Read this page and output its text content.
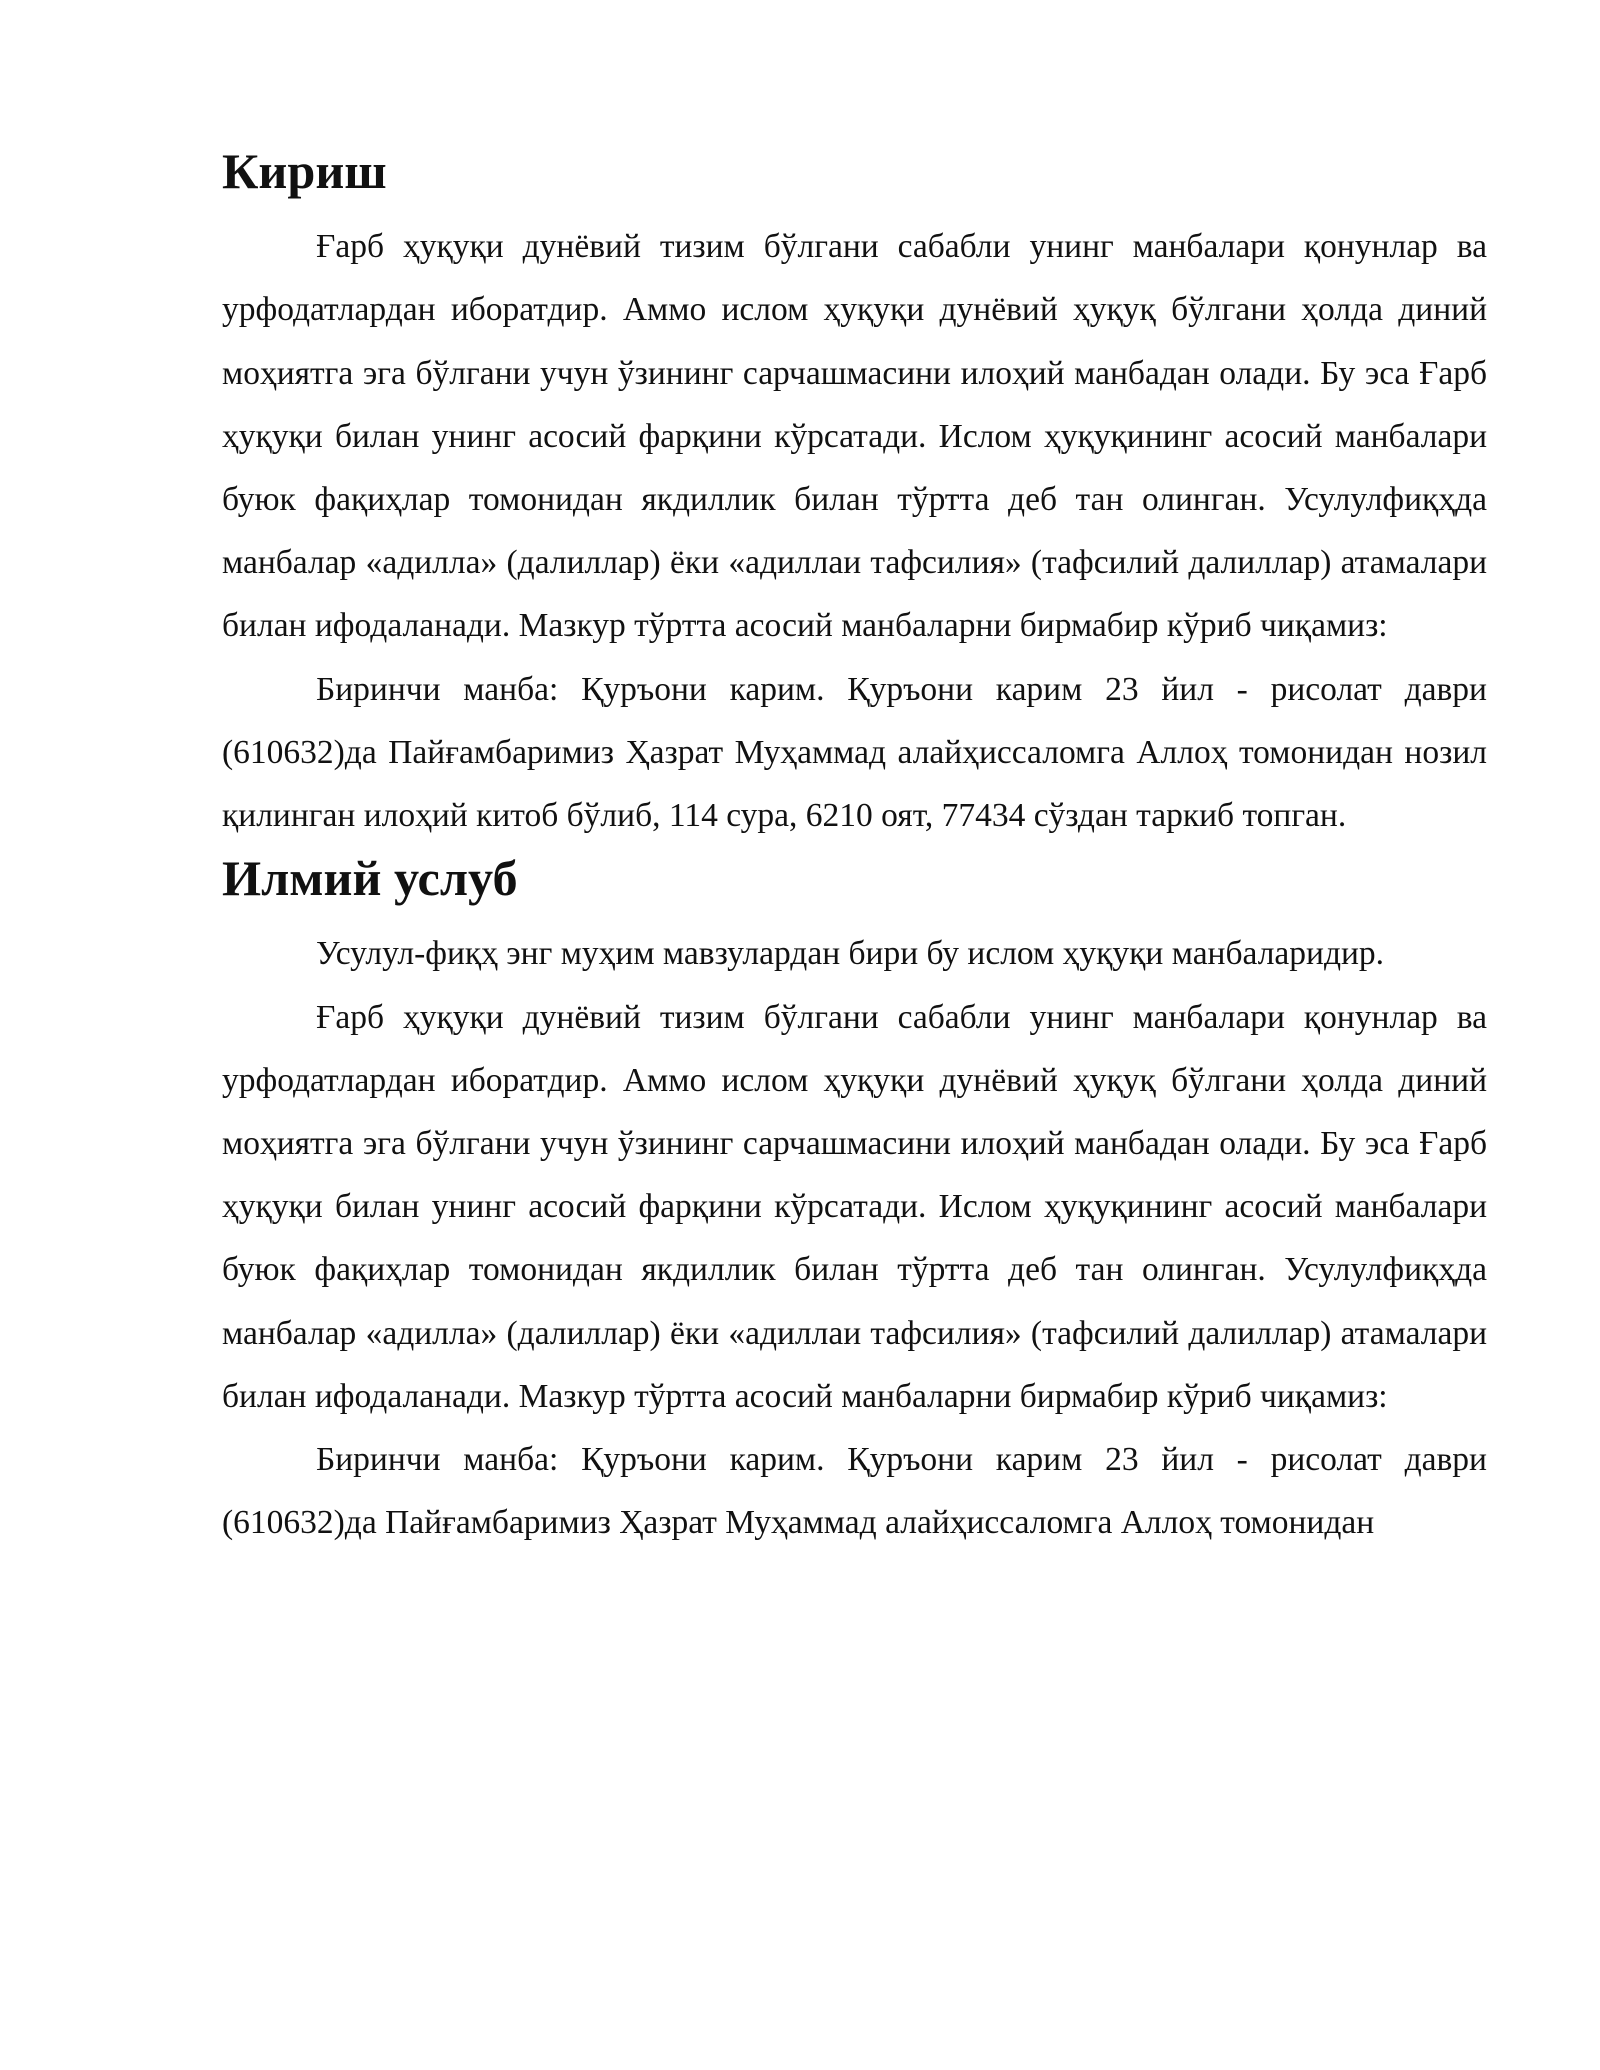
Кириш

Ғарб ҳуқуқи дунёвий тизим бўлгани сабабли унинг манбалари қонунлар ва урфодатлардан иборатдир. Аммо ислом ҳуқуқи дунёвий ҳуқуқ бўлгани ҳолда диний моҳиятга эга бўлгани учун ўзининг сарчашмасини илоҳий манбадан олади. Бу эса Ғарб ҳуқуқи билан унинг асосий фарқини кўрсатади. Ислом ҳуқуқининг асосий манбалари буюк фақиҳлар томонидан якдиллик билан тўртта деб тан олинган. Усулулфиқҳда манбалар «адилла» (далиллар) ёки «адиллаи тафсилия» (тафсилий далиллар) атамалари билан ифодаланади. Мазкур тўртта асосий манбаларни бирмабир кўриб чиқамиз:

Биринчи манба: Қуръони карим. Қуръони карим 23 йил - рисолат даври (610632)да Пайғамбаримиз Ҳазрат Муҳаммад алайҳиссаломга Аллоҳ томонидан нозил қилинган илоҳий китоб бўлиб, 114 сура, 6210 оят, 77434 сўздан таркиб топган.

Илмий услуб

Усулул-фиқҳ энг муҳим мавзулардан бири бу ислом ҳуқуқи манбаларидир.

Ғарб ҳуқуқи дунёвий тизим бўлгани сабабли унинг манбалари қонунлар ва урфодатлардан иборатдир. Аммо ислом ҳуқуқи дунёвий ҳуқуқ бўлгани ҳолда диний моҳиятга эга бўлгани учун ўзининг сарчашмасини илоҳий манбадан олади. Бу эса Ғарб ҳуқуқи билан унинг асосий фарқини кўрсатади. Ислом ҳуқуқининг асосий манбалари буюк фақиҳлар томонидан якдиллик билан тўртта деб тан олинган. Усулулфиқҳда манбалар «адилла» (далиллар) ёки «адиллаи тафсилия» (тафсилий далиллар) атамалари билан ифодаланади. Мазкур тўртта асосий манбаларни бирмабир кўриб чиқамиз:

Биринчи манба: Қуръони карим. Қуръони карим 23 йил - рисолат даври (610632)да Пайғамбаримиз Ҳазрат Муҳаммад алайҳиссаломга Аллоҳ томонидан
